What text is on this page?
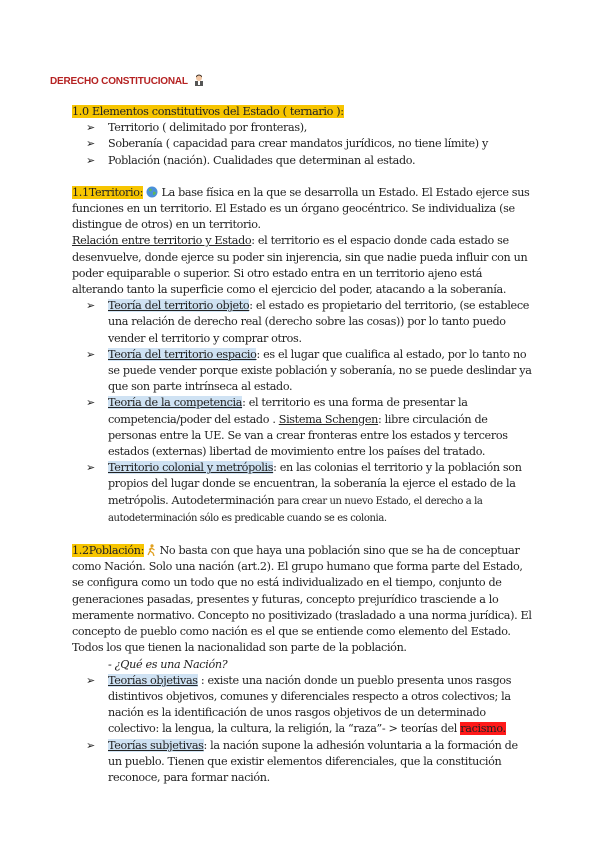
DERECHO CONSTITUCIONAL

1.0 Elementos constitutivos del Estado ( ternario ):

➢ Territorio ( delimitado por fronteras),
➢ Soberanía ( capacidad para crear mandatos jurídicos, no tiene límite) y
➢ Población (nación). Cualidades que determinan al estado.

1.1Territorio: La base física en la que se desarrolla un Estado. El Estado ejerce sus funciones en un territorio. El Estado es un órgano geocéntrico. Se individualiza (se distingue de otros) en un territorio.

Relación entre territorio y Estado: el territorio es el espacio donde cada estado se desenvuelve, donde ejerce su poder sin injerencia, sin que nadie pueda influir con un poder equiparable o superior. Si otro estado entra en un territorio ajeno está alterando tanto la superficie como el ejercicio del poder, atacando a la soberanía.

➢ Teoría del territorio objeto: el estado es propietario del territorio, (se establece una relación de derecho real (derecho sobre las cosas)) por lo tanto puedo vender el territorio y comprar otros.
➢ Teoría del territorio espacio: es el lugar que cualifica al estado, por lo tanto no se puede vender porque existe población y soberanía, no se puede deslindar ya que son parte intrínseca al estado.
➢ Teoría de la competencia: el territorio es una forma de presentar la competencia/poder del estado . Sistema Schengen: libre circulación de personas entre la UE. Se van a crear fronteras entre los estados y terceros estados (externas) libertad de movimiento entre los países del tratado.
➢ Territorio colonial y metrópolis: en las colonias el territorio y la población son propios del lugar donde se encuentran, la soberanía la ejerce el estado de la metrópolis. Autodeterminación para crear un nuevo Estado, el derecho a la autodeterminación sólo es predicable cuando se es colonia.

1.2Población: No basta con que haya una población sino que se ha de conceptuar como Nación. Solo una nación (art.2). El grupo humano que forma parte del Estado, se configura como un todo que no está individualizado en el tiempo, conjunto de generaciones pasadas, presentes y futuras, concepto prejurídico trasciende a lo meramente normativo. Concepto no positivizado (trasladado a una norma jurídica). El concepto de pueblo como nación es el que se entiende como elemento del Estado. Todos los que tienen la nacionalidad son parte de la población.

- ¿Qué es una Nación?

➢ Teorías objetivas : existe una nación donde un pueblo presenta unos rasgos distintivos objetivos, comunes y diferenciales respecto a otros colectivos; la nación es la identificación de unos rasgos objetivos de un determinado colectivo: la lengua, la cultura, la religión, la “raza”- > teorías del racismo.
➢ Teorías subjetivas: la nación supone la adhesión voluntaria a la formación de un pueblo. Tienen que existir elementos diferenciales, que la constitución reconoce, para formar nación.
